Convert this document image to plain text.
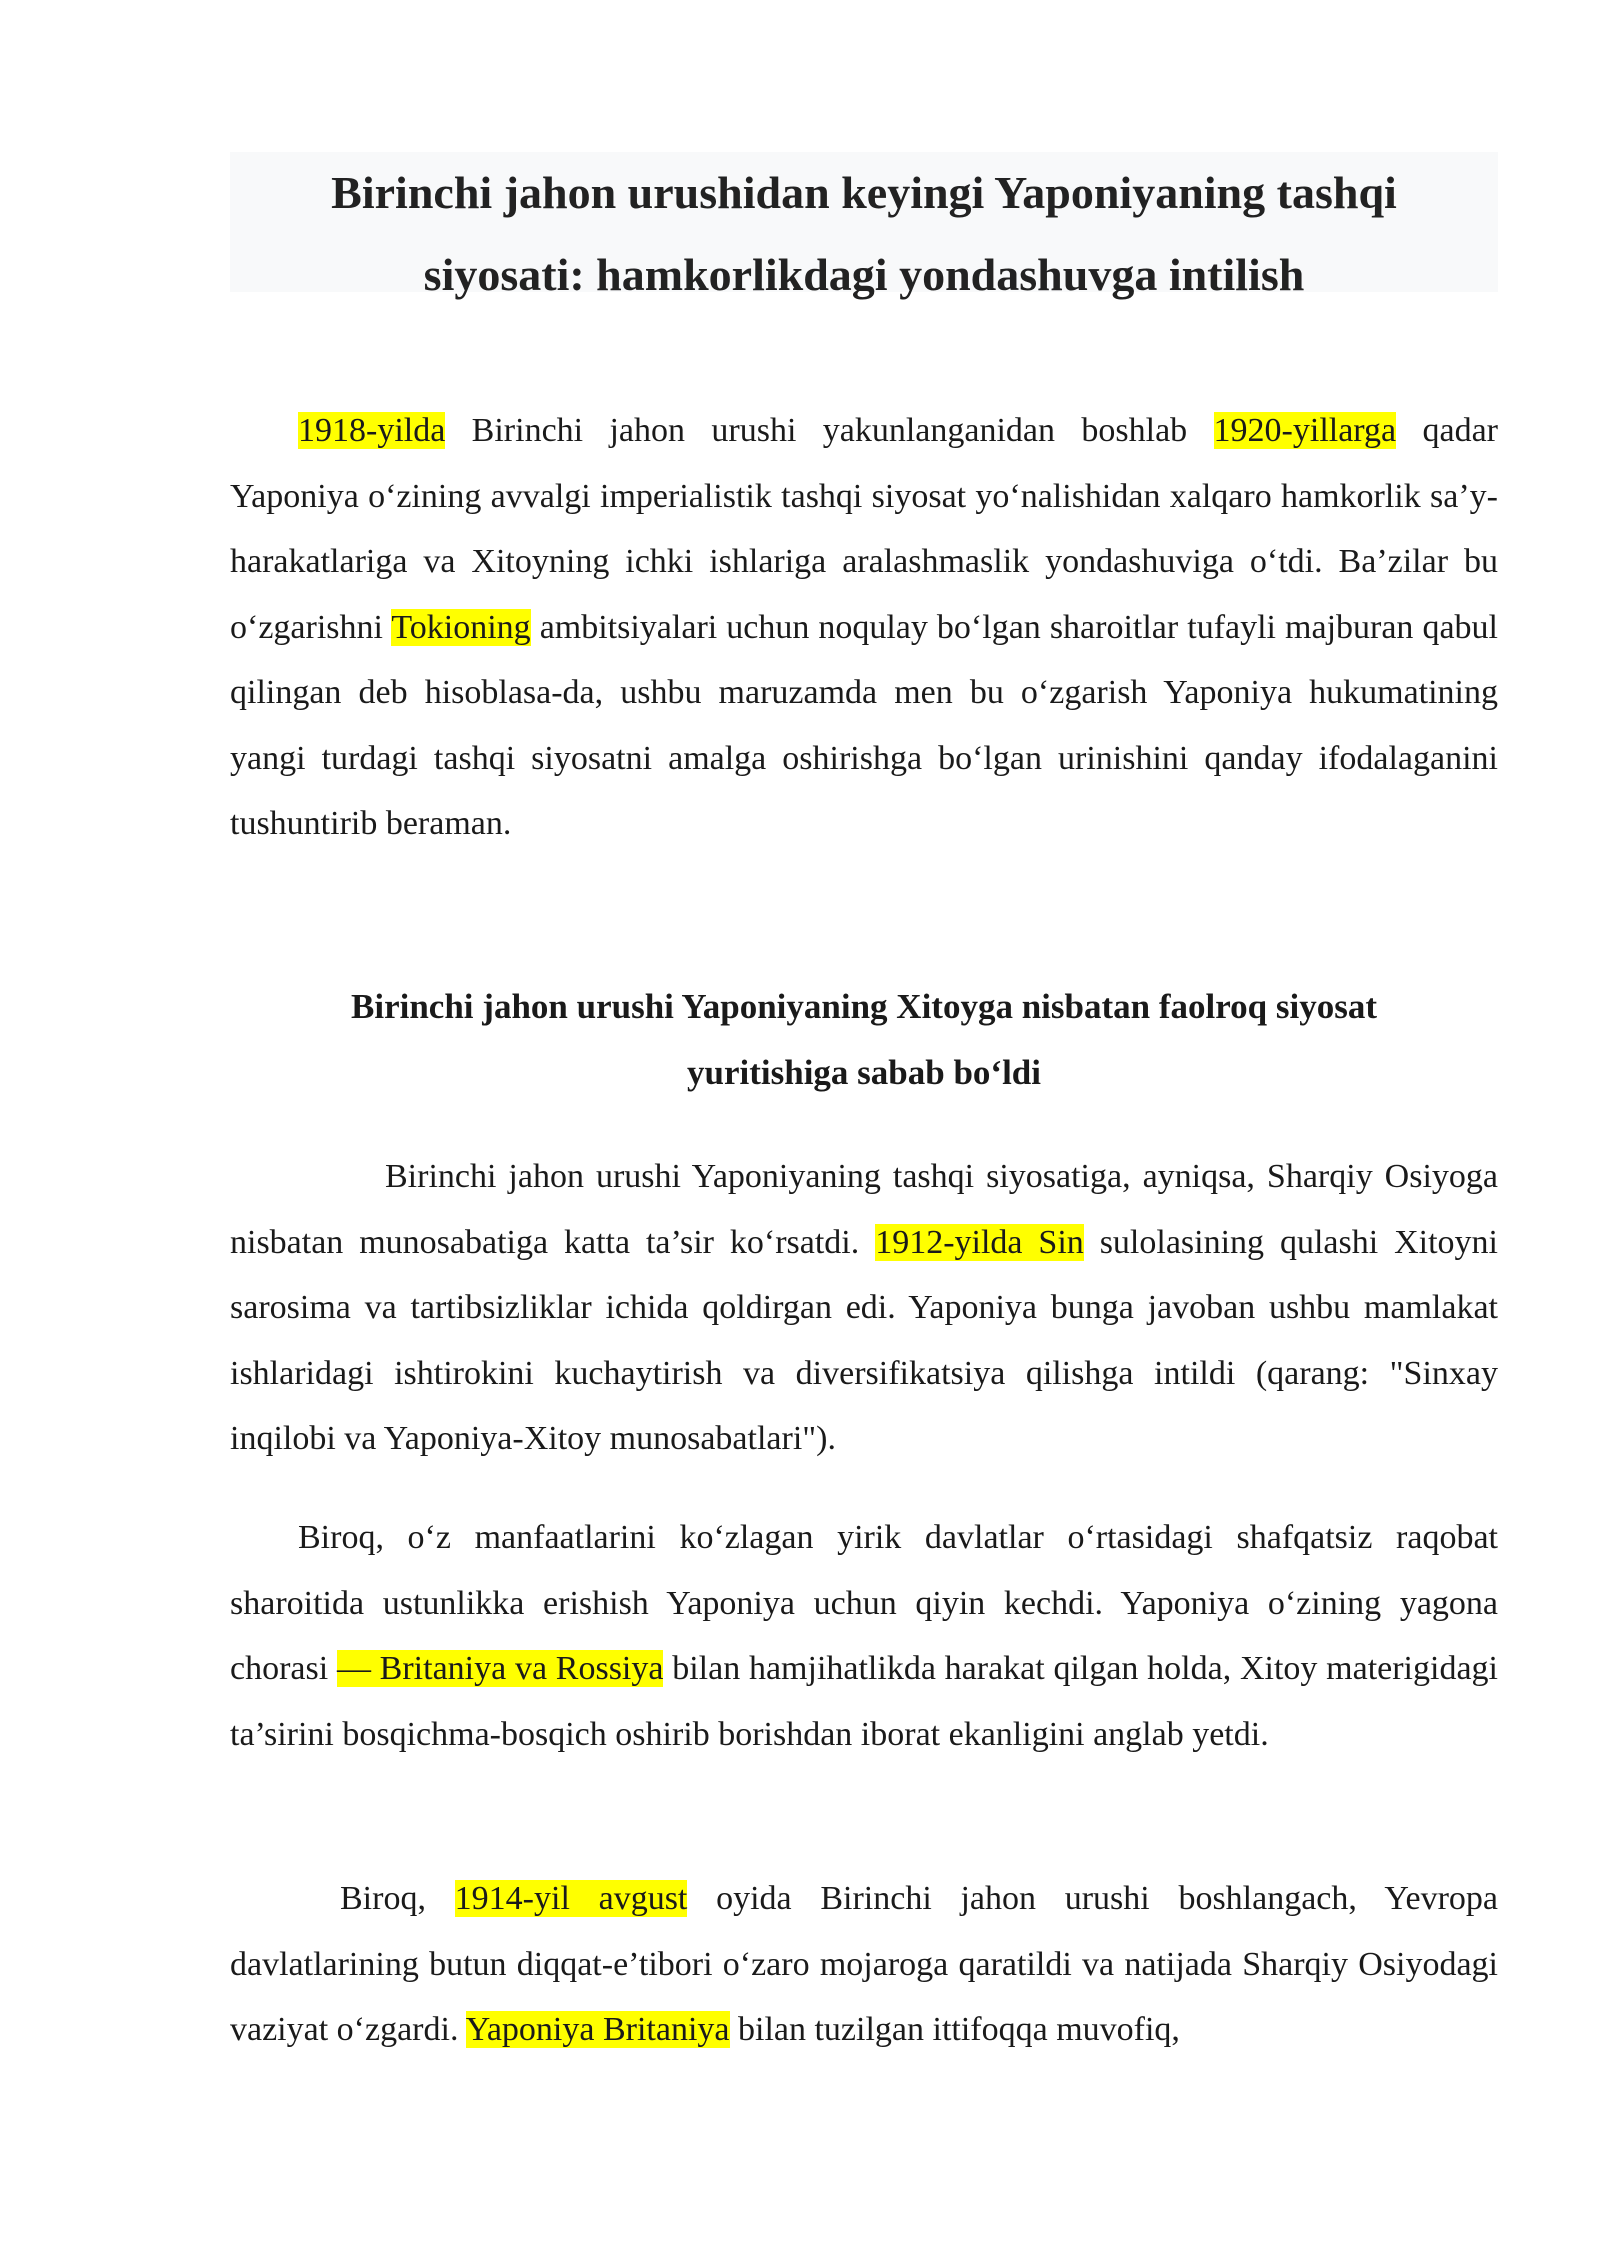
Birinchi jahon urushidan keyingi Yaponiyaning tashqi
siyosati: hamkorlikdagi yondashuvga intilish

1918-yilda Birinchi jahon urushi yakunlanganidan boshlab 1920-yillarga qadar Yaponiya o‘zining avvalgi imperialistik tashqi siyosat yo‘nalishidan xalqaro hamkorlik sa’y-harakatlariga va Xitoyning ichki ishlariga aralashmaslik yondashuviga o‘tdi. Ba’zilar bu o‘zgarishni Tokioning ambitsiyalari uchun noqulay bo‘lgan sharoitlar tufayli majburan qabul qilingan deb hisoblasa-da, ushbu maruzamda men bu o‘zgarish Yaponiya hukumatining yangi turdagi tashqi siyosatni amalga oshirishga bo‘lgan urinishini qanday ifodalaganini tushuntirib beraman.

Birinchi jahon urushi Yaponiyaning Xitoyga nisbatan faolroq siyosat
yuritishiga sabab bo‘ldi

Birinchi jahon urushi Yaponiyaning tashqi siyosatiga, ayniqsa, Sharqiy Osiyoga nisbatan munosabatiga katta ta’sir ko‘rsatdi. 1912-yilda Sin sulolasining qulashi Xitoyni sarosima va tartibsizliklar ichida qoldirgan edi. Yaponiya bunga javoban ushbu mamlakat ishlaridagi ishtirokini kuchaytirish va diversifikatsiya qilishga intildi (qarang: "Sinxay inqilobi va Yaponiya-Xitoy munosabatlari").

Biroq, o‘z manfaatlarini ko‘zlagan yirik davlatlar o‘rtasidagi shafqatsiz raqobat sharoitida ustunlikka erishish Yaponiya uchun qiyin kechdi. Yaponiya o‘zining yagona chorasi — Britaniya va Rossiya bilan hamjihatlikda harakat qilgan holda, Xitoy materigidagi ta’sirini bosqichma-bosqich oshirib borishdan iborat ekanligini anglab yetdi.

Biroq, 1914-yil avgust oyida Birinchi jahon urushi boshlangach, Yevropa davlatlarining butun diqqat-e’tibori o‘zaro mojaroga qaratildi va natijada Sharqiy Osiyodagi vaziyat o‘zgardi. Yaponiya Britaniya bilan tuzilgan ittifoqqa muvofiq,
